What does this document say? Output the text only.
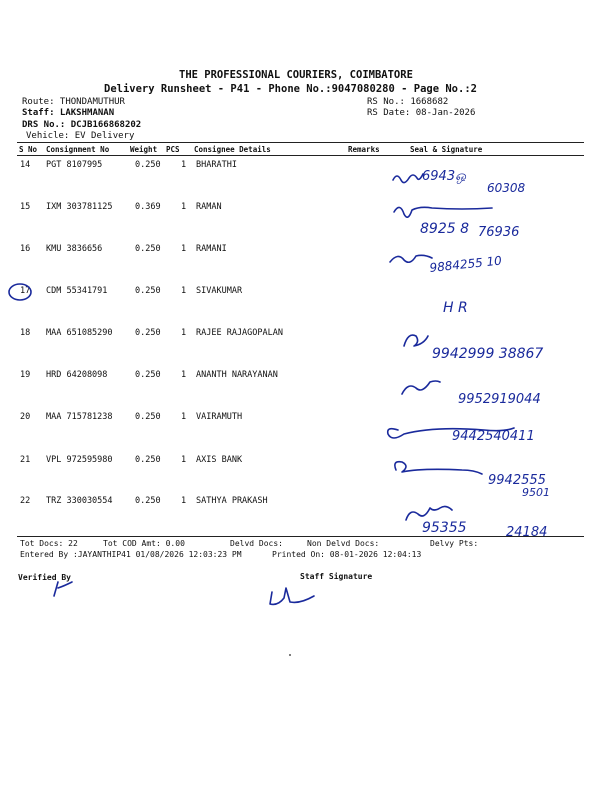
THE PROFESSIONAL COURIERS, COIMBATORE
Delivery Runsheet - P41 - Phone No.:9047080280 - Page No.:2
Route: THONDAMUTHUR
Staff: LAKSHMANAN
DRS No.: DCJB166868202
Vehicle: EV Delivery
RS No.: 1668682
RS Date: 08-Jan-2026
S No Consignment No	Weight PCS Consignee Details	Remarks	Seal & Signature
14 PGT 8107995	0.250 1 BHARATHI
15 IXM 303781125	0.369 1 RAMAN
16 KMU 3836656	0.250 1 RAMANI
17 CDM 55341791	0.250 1 SIVAKUMAR
18 MAA 651085290	0.250 1 RAJEE RAJAGOPALAN
19 HRD 64208098	0.250 1 ANANTH NARAYANAN
20 MAA 715781238	0.250 1 VAIRAMUTH
21 VPL 972595980	0.250 1 AXIS BANK
22 TRZ 330030554	0.250 1 SATHYA PRAKASH
Tot Docs: 22	Tot COD Amt: 0.00	Delvd Docs:	Non Delvd Docs:	Delvy Pts:
Entered By :JAYANTHIP41 01/08/2026 12:03:23 PM	Printed On: 08-01-2026 12:04:13
Verified By	Staff Signature
6943ஒ
60308
8925 8 76936
9884255 10
H R
9942999 38867
9952919044
9442540411
9942555
9501
95355	24184
